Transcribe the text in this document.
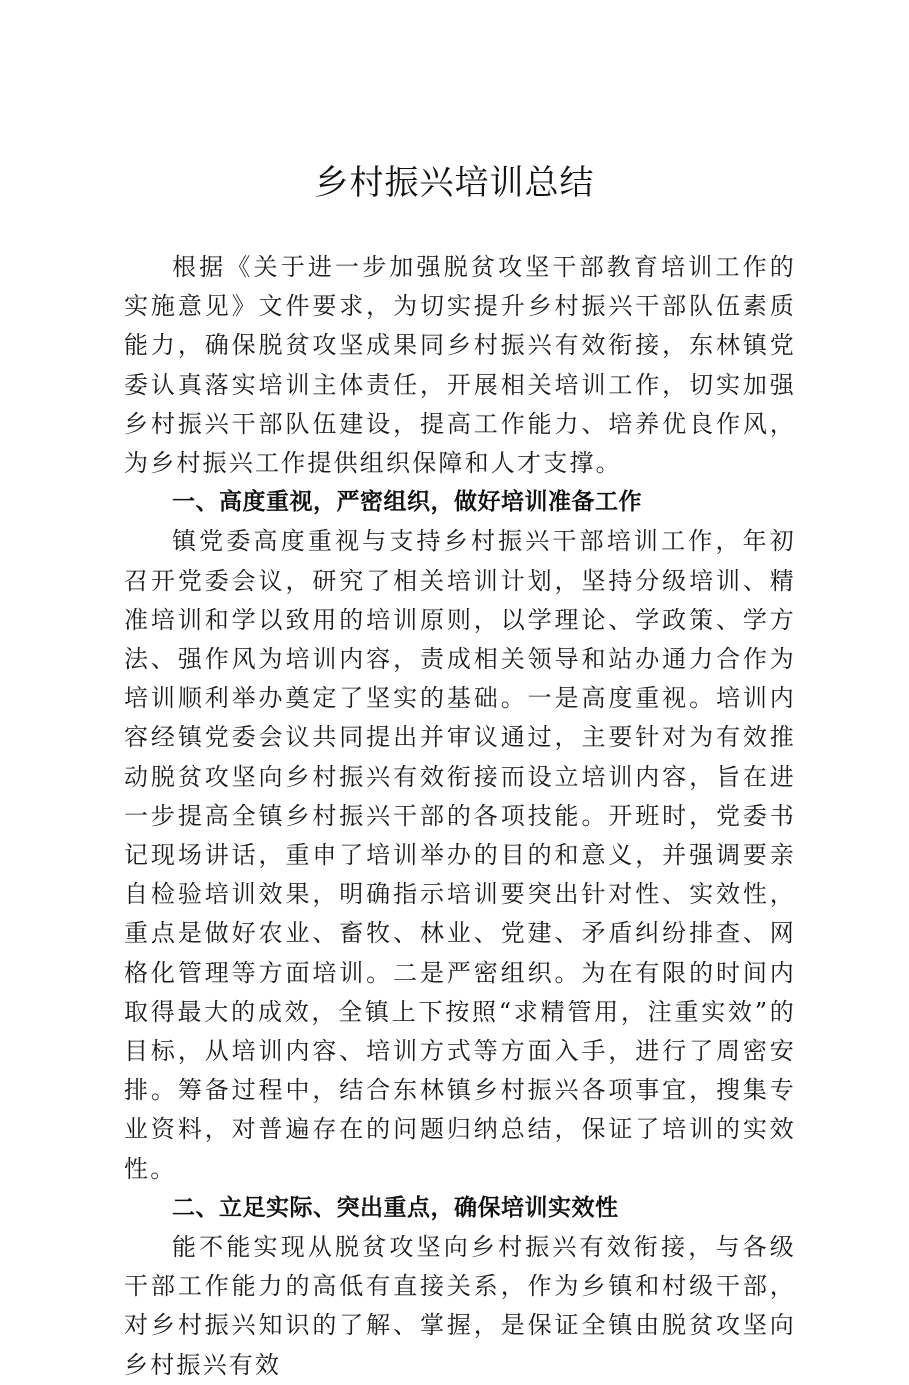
乡村振兴培训总结

根据《关于进一步加强脱贫攻坚干部教育培训工作的实施意见》文件要求，为切实提升乡村振兴干部队伍素质能力，确保脱贫攻坚成果同乡村振兴有效衔接，东林镇党委认真落实培训主体责任，开展相关培训工作，切实加强乡村振兴干部队伍建设，提高工作能力、培养优良作风，为乡村振兴工作提供组织保障和人才支撑。

一、高度重视，严密组织，做好培训准备工作

镇党委高度重视与支持乡村振兴干部培训工作，年初召开党委会议，研究了相关培训计划，坚持分级培训、精准培训和学以致用的培训原则，以学理论、学政策、学方法、强作风为培训内容，责成相关领导和站办通力合作为培训顺利举办奠定了坚实的基础。一是高度重视。培训内容经镇党委会议共同提出并审议通过，主要针对为有效推动脱贫攻坚向乡村振兴有效衔接而设立培训内容，旨在进一步提高全镇乡村振兴干部的各项技能。开班时，党委书记现场讲话，重申了培训举办的目的和意义，并强调要亲自检验培训效果，明确指示培训要突出针对性、实效性，重点是做好农业、畜牧、林业、党建、矛盾纠纷排查、网格化管理等方面培训。二是严密组织。为在有限的时间内取得最大的成效，全镇上下按照“求精管用，注重实效”的目标，从培训内容、培训方式等方面入手，进行了周密安排。筹备过程中，结合东林镇乡村振兴各项事宜，搜集专业资料，对普遍存在的问题归纳总结，保证了培训的实效性。

二、立足实际、突出重点，确保培训实效性

能不能实现从脱贫攻坚向乡村振兴有效衔接，与各级干部工作能力的高低有直接关系，作为乡镇和村级干部，对乡村振兴知识的了解、掌握，是保证全镇由脱贫攻坚向乡村振兴有效
